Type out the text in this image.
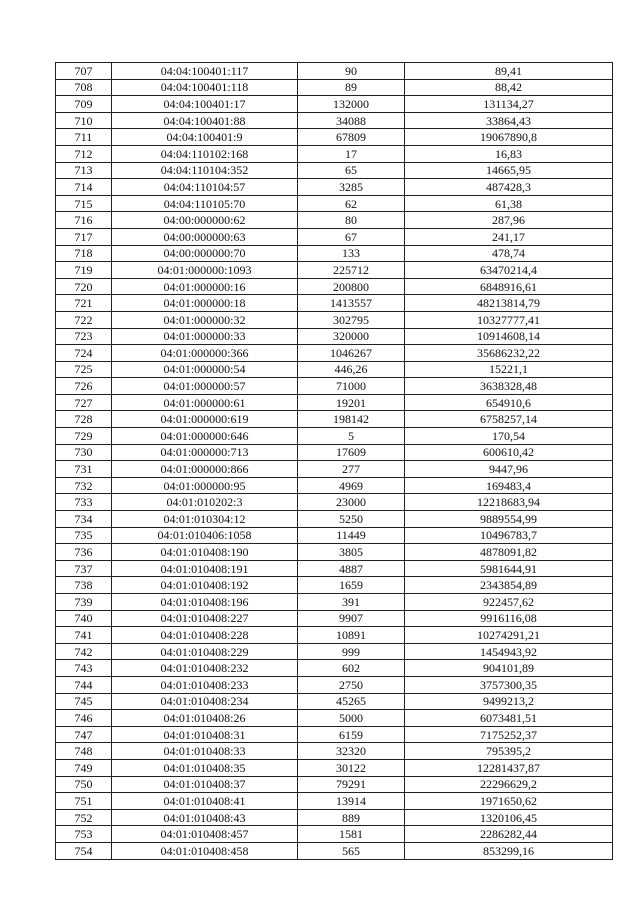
707	04:04:100401:117	90	89,41
708	04:04:100401:118	89	88,42
709	04:04:100401:17	132000	131134,27
710	04:04:100401:88	34088	33864,43
711	04:04:100401:9	67809	19067890,8
712	04:04:110102:168	17	16,83
713	04:04:110104:352	65	14665,95
714	04:04:110104:57	3285	487428,3
715	04:04:110105:70	62	61,38
716	04:00:000000:62	80	287,96
717	04:00:000000:63	67	241,17
718	04:00:000000:70	133	478,74
719	04:01:000000:1093	225712	63470214,4
720	04:01:000000:16	200800	6848916,61
721	04:01:000000:18	1413557	48213814,79
722	04:01:000000:32	302795	10327777,41
723	04:01:000000:33	320000	10914608,14
724	04:01:000000:366	1046267	35686232,22
725	04:01:000000:54	446,26	15221,1
726	04:01:000000:57	71000	3638328,48
727	04:01:000000:61	19201	654910,6
728	04:01:000000:619	198142	6758257,14
729	04:01:000000:646	5	170,54
730	04:01:000000:713	17609	600610,42
731	04:01:000000:866	277	9447,96
732	04:01:000000:95	4969	169483,4
733	04:01:010202:3	23000	12218683,94
734	04:01:010304:12	5250	9889554,99
735	04:01:010406:1058	11449	10496783,7
736	04:01:010408:190	3805	4878091,82
737	04:01:010408:191	4887	5981644,91
738	04:01:010408:192	1659	2343854,89
739	04:01:010408:196	391	922457,62
740	04:01:010408:227	9907	9916116,08
741	04:01:010408:228	10891	10274291,21
742	04:01:010408:229	999	1454943,92
743	04:01:010408:232	602	904101,89
744	04:01:010408:233	2750	3757300,35
745	04:01:010408:234	45265	9499213,2
746	04:01:010408:26	5000	6073481,51
747	04:01:010408:31	6159	7175252,37
748	04:01:010408:33	32320	795395,2
749	04:01:010408:35	30122	12281437,87
750	04:01:010408:37	79291	22296629,2
751	04:01:010408:41	13914	1971650,62
752	04:01:010408:43	889	1320106,45
753	04:01:010408:457	1581	2286282,44
754	04:01:010408:458	565	853299,16
